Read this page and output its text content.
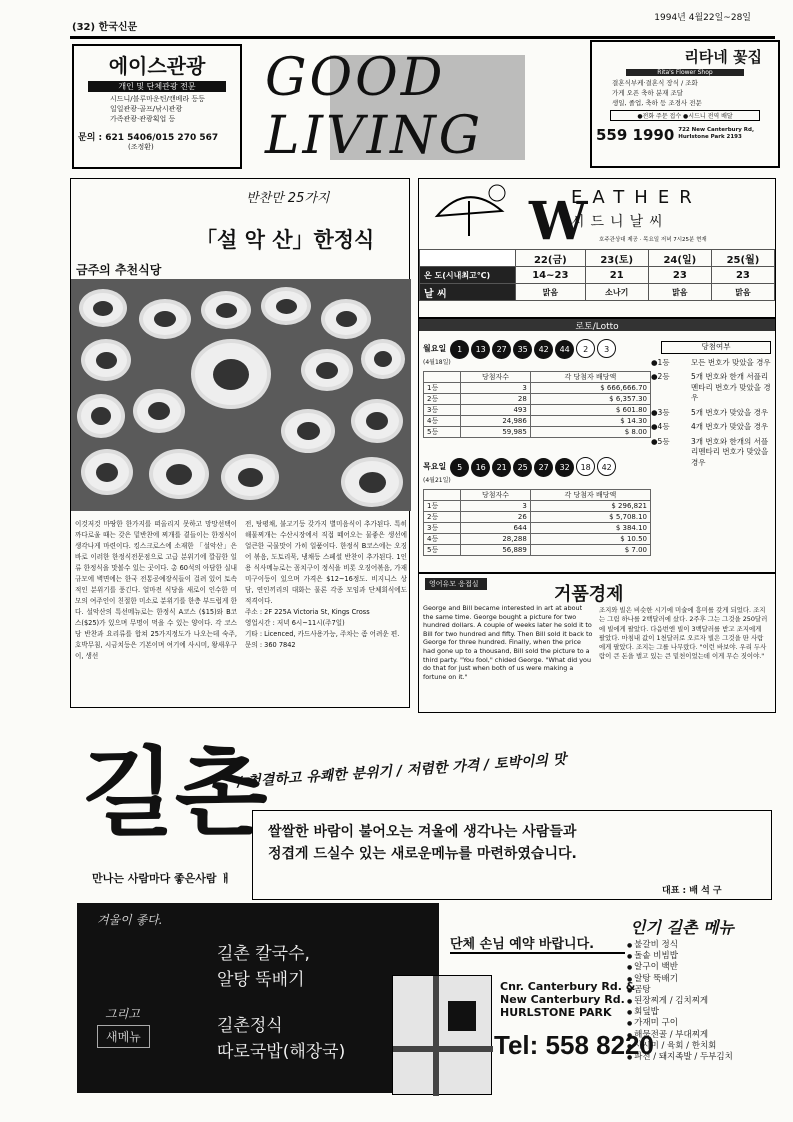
(32) 한국신문
1994년 4월22일~28일
에이스관광
개인 및 단체관광 전문
시드니/블루마운틴/캔베라 등등
일일관광·골프/낚시관광
가족관광·관광획업 등
문의 : 621 5406/015 270 567
(조정환)
GOOD
LIVING
리타네 꽃집
Rita's Flower Shop
결혼식부케·결혼식 장식 / 조화
가게 오픈 축하 분재 조달
생일, 졸업, 축하 등 조경사 전문
●전화 주문 접수 ●시드니 전역 배달
559 1990 722 New Canterbury Rd, Hurlstone Park 2193
반찬만 25가지
「설 악 산」한정식
금주의 추천식당
이것저것 마땅한 한가지를 떠올리지 못하고 망망선택이 까다로울 때는 갖은 밑반찬에 찌개를 곁들이는 한정식이 생각나게 마련이다. 킹스크로스에 소재한 「설악산」은 바로 이러한 한정식전문점으로 고급 분위기에 깔끔한 일류 한정식을 맛볼수 있는 곳이다. 총 60석의 아담한 실내규모에 벽면에는 한국 전통공예장식들이 걸려 있어 토속적인 분위기를 풍긴다. 얼마전 식당을 새로이 인수한 미모의 여주인이 친절한 미소로 분위기를 한층 부드럽게 한다. 설악산의 특선메뉴로는 한정식 A코스 ($15)와 B코스($25)가 있으며 무명이 먹을 수 있는 양이다. 각 코스당 반찬과 요리류를 합쳐 25가지정도가 나오는데 숙주, 호박무침, 시금치등은 기본이며 여기에 사시미, 왕새우구이, 생선
전, 탕평채, 불고기등 갖가지 별미음식이 추가된다. 특히 해물찌개는 수산시장에서 직접 떼어오는 물좋은 생선에 얼큰한 국물맛이 가히 일품이다. 한정식 B코스에는 오징어 볶음, 도토리묵, 냉채등 스페셜 반찬이 추가된다. 1인용 식사메뉴로는 꼼치구이 정식을 비롯 오징어볶음, 가재미구이등이 있으며 가격은 $12~16정도. 비지니스 상담, 연인끼리의 대화는 물론 각종 모임과 단체회식에도 적격이다.
주소 : 2F 225A Victoria St, Kings Cross
영업시간 : 저녁 6시~11시(주7일)
기타 : Licenced, 카드사용가능, 주차는 좀 어려운 편.
문의 : 360 7842
W
EATHER
시드니날씨
호주관상대 제공 · 목요일 저녁 7시25분 현재
	22(금)	23(토)	24(일)	25(월)
온 도(시내최고℃)	14~23	21	23	23
날 씨	맑음	소나기	맑음	맑음
로토/Lotto
월요일	1 13 27 35 42 44 2 3
(4월18일)
	당첨자수	각 당첨자 배당액
1등	3	$ 666,666.70
2등	28	$ 6,357.30
3등	493	$ 601.80
4등	24,986	$ 14.30
5등	59,985	$ 8.00
목요일	5 16 21 25 27 32 18 42
(4월21일)
	당첨자수	각 당첨자 배당액
1등	3	$ 296,821
2등	26	$ 5,708.10
3등	644	$ 384.10
4등	28,288	$ 10.50
5등	56,889	$ 7.00
당첨여부
●1등	모든 번호가 맞았을 경우
●2등	5개 번호와 한개 서플리멘타리 번호가 맞았을 경우
●3등	5개 번호가 맞았을 경우
●4등	4개 번호가 맞았을 경우
●5등	3개 번호와 한개의 서플리멘타리 번호가 맞았을 경우
영어유모 응접실	거품경제
George and Bill became interested in art at about the same time. George bought a picture for two hundred dollars. A couple of weeks later he sold it to Bill for two hundred and fifty. Then Bill sold it back to George for three hundred. Finally, when the price had gone up to a thousand, Bill sold the picture to a third party. "You fool," chided George. "What did you do that for just when both of us were making a fortune on it."
조지와 빌은 비슷한 시기에 미술에 흥미를 갖게 되었다. 조지는 그림 하나를 2백달러에 샀다. 2주후 그는 그것을 250달러에 빌에게 팔았다. 다음번엔 빌이 3백달러를 받고 조지에게 팔았다. 마침내 값이 1천달러로 오르자 빌은 그것을 딴 사람에게 팔았다. 조지는 그를 나무랐다. "이런 바보야. 우리 두사람이 큰 돈을 벌고 있는 큰 밑천이었는데 이게 무슨 짓이야."
길촌
/ 청결하고 유쾌한 분위기 / 저렴한 가격 / 토박이의 맛
쌀쌀한 바람이 불어오는 겨울에 생각나는 사람들과
정겹게 드실수 있는 새로운메뉴를 마련하였습니다.
만나는 사람마다 좋은사람 ㅐ
대표 : 배 석 구
겨울이 좋다.
길촌 칼국수,
알탕 뚝배기
그리고
새메뉴
길촌정식
따로국밥(해장국)
단체 손님 예약 바랍니다.
Cnr. Canterbury Rd. &
New Canterbury Rd.
HURLSTONE PARK
Tel: 558 8220
인기 길촌 메뉴
● 불갈비 정식
● 돌솥 비빔밥
● 알구이 백반
● 알탕 뚝배기
● 곰탕
● 된장찌게 / 김치찌게
● 회덮밥
● 가재미 구이
● 해물전골 / 부대찌게
● 사시미 / 육회 / 한치회
● 파전 / 돼지족발 / 두부김치
